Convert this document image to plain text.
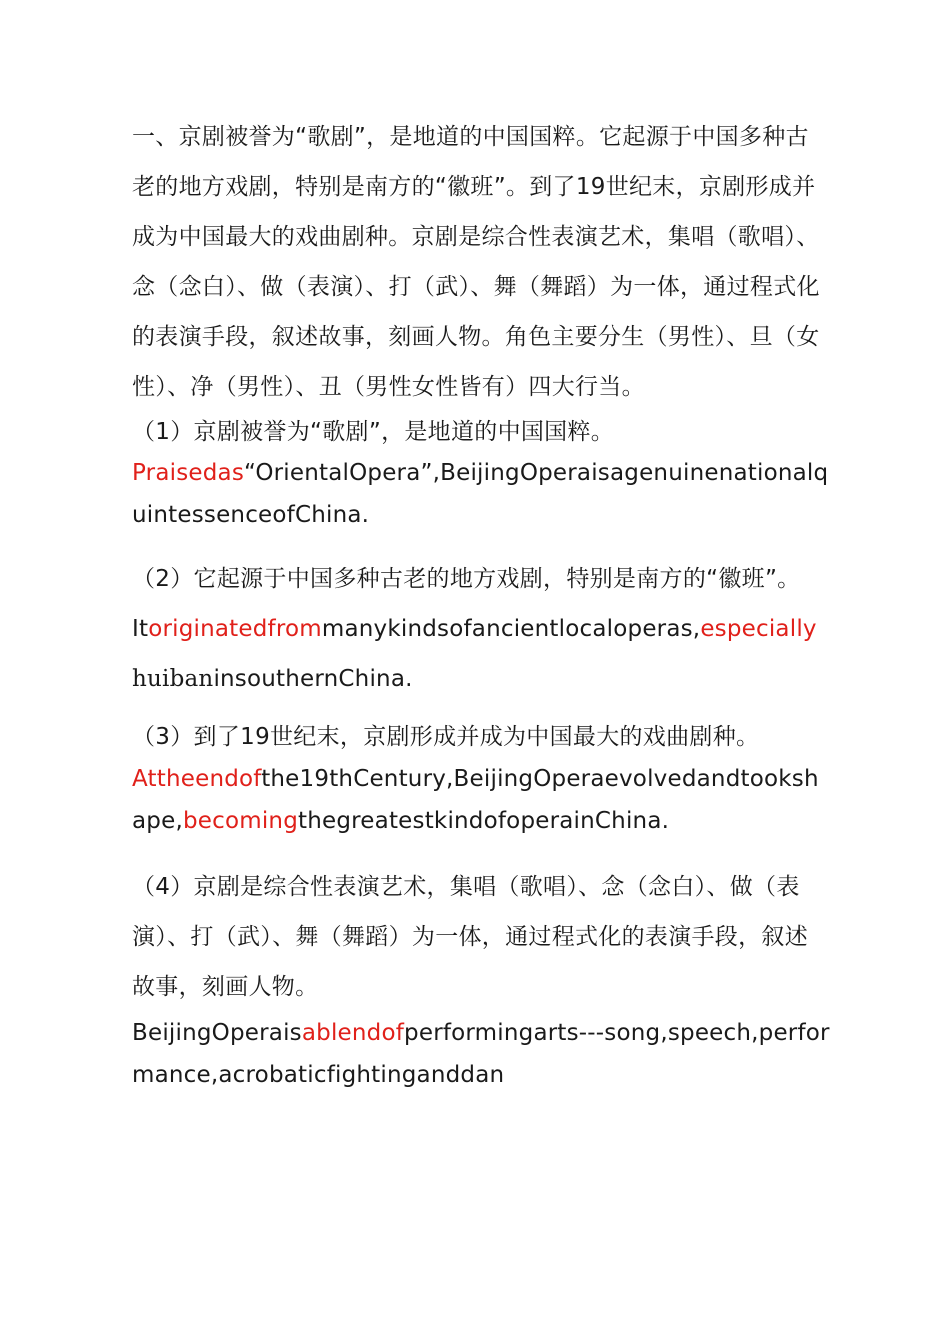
一、京剧被誉为“歌剧”，是地道的中国国粹。它起源于中国多种古老的地方戏剧，特别是南方的“徽班”。到了19世纪末，京剧形成并成为中国最大的戏曲剧种。京剧是综合性表演艺术，集唱（歌唱）、念（念白）、做（表演）、打（武）、舞（舞蹈）为一体，通过程式化的表演手段，叙述故事，刻画人物。角色主要分生（男性）、旦（女性）、净（男性）、丑（男性女性皆有）四大行当。

（1）京剧被誉为“歌剧”，是地道的中国国粹。

Praisedas“OrientalOpera”,BeijingOperaisagenuinenationalquintessenceofChina.

（2）它起源于中国多种古老的地方戏剧，特别是南方的“徽班”。

Itoriginatedfrommanykindsofancientlocaloperas,especiallyhuibaninsouthernChina.

（3）到了19世纪末，京剧形成并成为中国最大的戏曲剧种。

Attheendofthe19thCentury,BeijingOperaevolvedandtookshape,becomingthegreatestkindofoperainChina.

（4）京剧是综合性表演艺术，集唱（歌唱）、念（念白）、做（表演）、打（武）、舞（舞蹈）为一体，通过程式化的表演手段，叙述故事，刻画人物。

BeijingOperaisablendofperformingarts---song,speech,performance,acrobaticfightinganddan
